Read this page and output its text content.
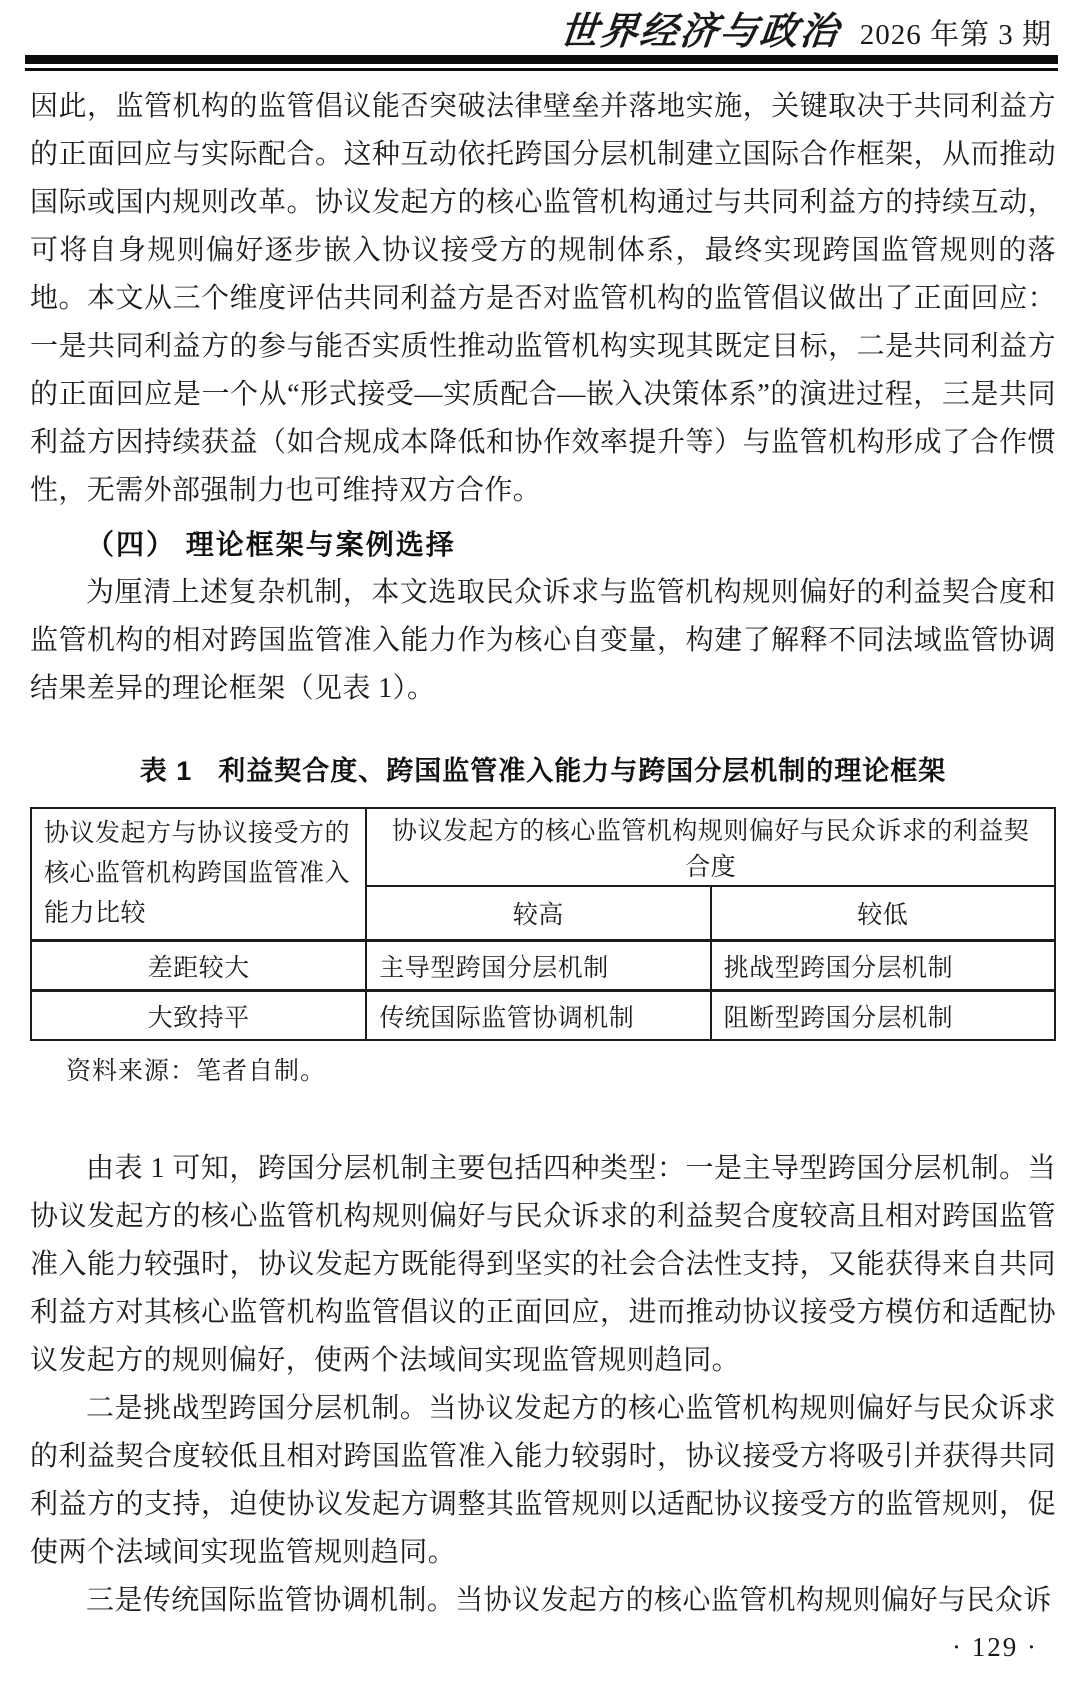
世界经济与政治 2026 年第 3 期

因此，监管机构的监管倡议能否突破法律壁垒并落地实施，关键取决于共同利益方的正面回应与实际配合。这种互动依托跨国分层机制建立国际合作框架，从而推动国际或国内规则改革。协议发起方的核心监管机构通过与共同利益方的持续互动，可将自身规则偏好逐步嵌入协议接受方的规制体系，最终实现跨国监管规则的落地。本文从三个维度评估共同利益方是否对监管机构的监管倡议做出了正面回应：一是共同利益方的参与能否实质性推动监管机构实现其既定目标，二是共同利益方的正面回应是一个从“形式接受—实质配合—嵌入决策体系”的演进过程，三是共同利益方因持续获益（如合规成本降低和协作效率提升等）与监管机构形成了合作惯性，无需外部强制力也可维持双方合作。

（四） 理论框架与案例选择

为厘清上述复杂机制，本文选取民众诉求与监管机构规则偏好的利益契合度和监管机构的相对跨国监管准入能力作为核心自变量，构建了解释不同法域监管协调结果差异的理论框架（见表 1）。

表 1 利益契合度、跨国监管准入能力与跨国分层机制的理论框架
协议发起方与协议接受方的核心监管机构跨国监管准入能力比较	协议发起方的核心监管机构规则偏好与民众诉求的利益契合度	
	较高	较低
差距较大	主导型跨国分层机制	挑战型跨国分层机制
大致持平	传统国际监管协调机制	阻断型跨国分层机制

资料来源：笔者自制。

由表 1 可知，跨国分层机制主要包括四种类型：一是主导型跨国分层机制。当协议发起方的核心监管机构规则偏好与民众诉求的利益契合度较高且相对跨国监管准入能力较强时，协议发起方既能得到坚实的社会合法性支持，又能获得来自共同利益方对其核心监管机构监管倡议的正面回应，进而推动协议接受方模仿和适配协议发起方的规则偏好，使两个法域间实现监管规则趋同。

二是挑战型跨国分层机制。当协议发起方的核心监管机构规则偏好与民众诉求的利益契合度较低且相对跨国监管准入能力较弱时，协议接受方将吸引并获得共同利益方的支持，迫使协议发起方调整其监管规则以适配协议接受方的监管规则，促使两个法域间实现监管规则趋同。

三是传统国际监管协调机制。当协议发起方的核心监管机构规则偏好与民众诉

· 129 ·
